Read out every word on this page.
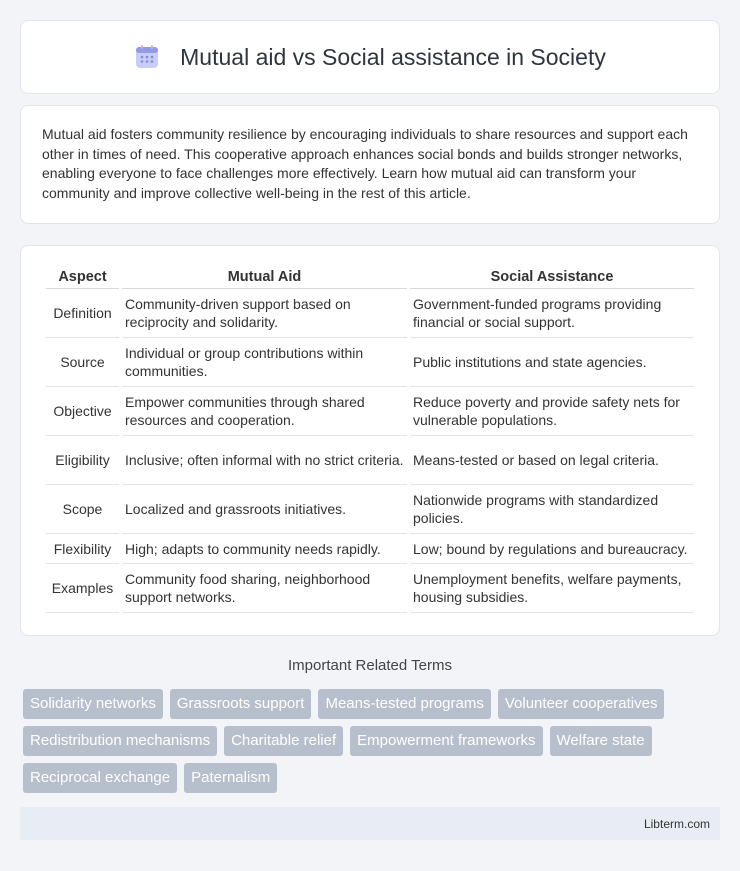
Mutual aid vs Social assistance in Society

Mutual aid fosters community resilience by encouraging individuals to share resources and support each other in times of need. This cooperative approach enhances social bonds and builds stronger networks, enabling everyone to face challenges more effectively. Learn how mutual aid can transform your community and improve collective well-being in the rest of this article.

Aspect	Mutual Aid	Social Assistance
Definition	Community-driven support based on reciprocity and solidarity.	Government-funded programs providing financial or social support.
Source	Individual or group contributions within communities.	Public institutions and state agencies.
Objective	Empower communities through shared resources and cooperation.	Reduce poverty and provide safety nets for vulnerable populations.
Eligibility	Inclusive; often informal with no strict criteria.	Means-tested or based on legal criteria.
Scope	Localized and grassroots initiatives.	Nationwide programs with standardized policies.
Flexibility	High; adapts to community needs rapidly.	Low; bound by regulations and bureaucracy.
Examples	Community food sharing, neighborhood support networks.	Unemployment benefits, welfare payments, housing subsidies.
Important Related Terms
Solidarity networks	Grassroots support	Means-tested programs	Volunteer cooperatives
Redistribution mechanisms	Charitable relief	Empowerment frameworks	Welfare state
Reciprocal exchange	Paternalism
Libterm.com
